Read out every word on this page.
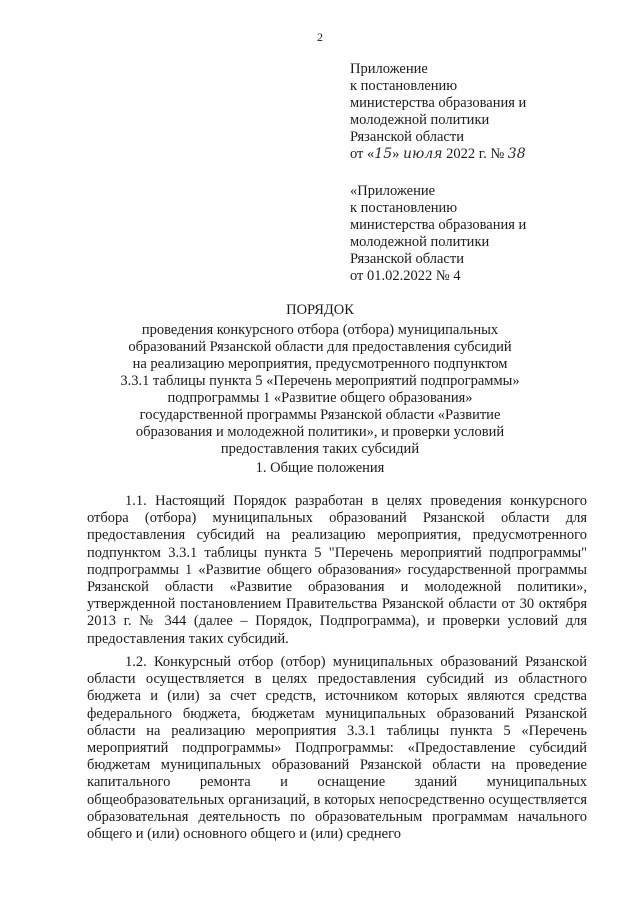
2
Приложение
к постановлению
министерства образования и
молодежной политики
Рязанской области
от «15» июля 2022 г. № 38
«Приложение
к постановлению
министерства образования и
молодежной политики
Рязанской области
от 01.02.2022 № 4
ПОРЯДОК
проведения конкурсного отбора (отбора) муниципальных образований Рязанской области для предоставления субсидий на реализацию мероприятия, предусмотренного подпунктом 3.3.1 таблицы пункта 5 «Перечень мероприятий подпрограммы» подпрограммы 1 «Развитие общего образования» государственной программы Рязанской области «Развитие образования и молодежной политики», и проверки условий предоставления таких субсидий
1. Общие положения

1.1. Настоящий Порядок разработан в целях проведения конкурсного отбора (отбора) муниципальных образований Рязанской области для предоставления субсидий на реализацию мероприятия, предусмотренного подпунктом 3.3.1 таблицы пункта 5 "Перечень мероприятий подпрограммы" подпрограммы 1 «Развитие общего образования» государственной программы Рязанской области «Развитие образования и молодежной политики», утвержденной постановлением Правительства Рязанской области от 30 октября 2013 г. № 344 (далее – Порядок, Подпрограмма), и проверки условий для предоставления таких субсидий.

1.2. Конкурсный отбор (отбор) муниципальных образований Рязанской области осуществляется в целях предоставления субсидий из областного бюджета и (или) за счет средств, источником которых являются средства федерального бюджета, бюджетам муниципальных образований Рязанской области на реализацию мероприятия 3.3.1 таблицы пункта 5 «Перечень мероприятий подпрограммы» Подпрограммы: «Предоставление субсидий бюджетам муниципальных образований Рязанской области на проведение капитального ремонта и оснащение зданий муниципальных общеобразовательных организаций, в которых непосредственно осуществляется образовательная деятельность по образовательным программам начального общего и (или) основного общего и (или) среднего
